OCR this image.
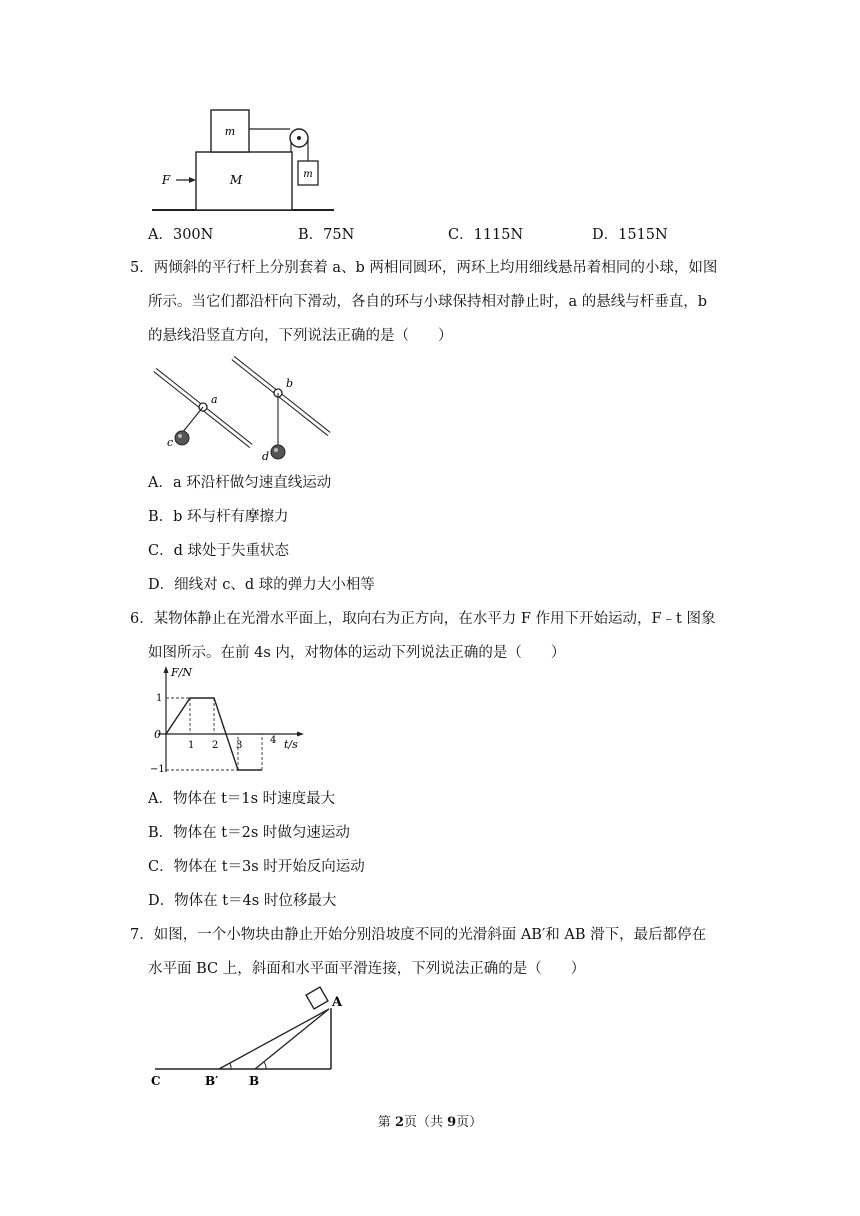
m
M	m
F
A．300N	B．75N	C．1115N	D．1515N
5．两倾斜的平行杆上分别套着 a、b 两相同圆环，两环上均用细线悬吊着相同的小球，如图
所示。当它们都沿杆向下滑动，各自的环与小球保持相对静止时，a 的悬线与杆垂直，b
的悬线沿竖直方向，下列说法正确的是（　　）
a
b
c
d
A．a 环沿杆做匀速直线运动
B．b 环与杆有摩擦力
C．d 球处于失重状态
D．细线对 c、d 球的弹力大小相等
6．某物体静止在光滑水平面上，取向右为正方向，在水平力 F 作用下开始运动，F﹣t 图象
如图所示。在前 4s 内，对物体的运动下列说法正确的是（　　）
F/N
t/s
0
1
−1
1 2 3	4
A．物体在 t＝1s 时速度最大
B．物体在 t＝2s 时做匀速运动
C．物体在 t＝3s 时开始反向运动
D．物体在 t＝4s 时位移最大
7．如图，一个小物块由静止开始分别沿坡度不同的光滑斜面 AB′和 AB 滑下，最后都停在
水平面 BC 上，斜面和水平面平滑连接，下列说法正确的是（　　）
A
C	B′	B
第 2页（共 9页）
